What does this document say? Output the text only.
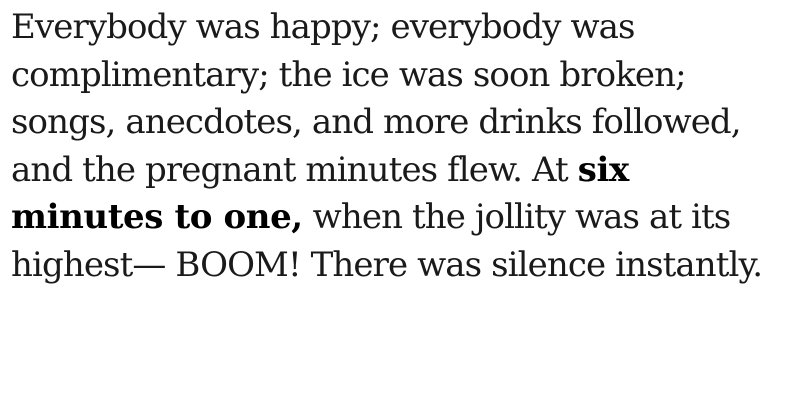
Everybody was happy; everybody was
complimentary; the ice was soon broken;
songs, anecdotes, and more drinks followed,
and the pregnant minutes flew. At six
minutes to one, when the jollity was at its
highest— BOOM! There was silence instantly.
